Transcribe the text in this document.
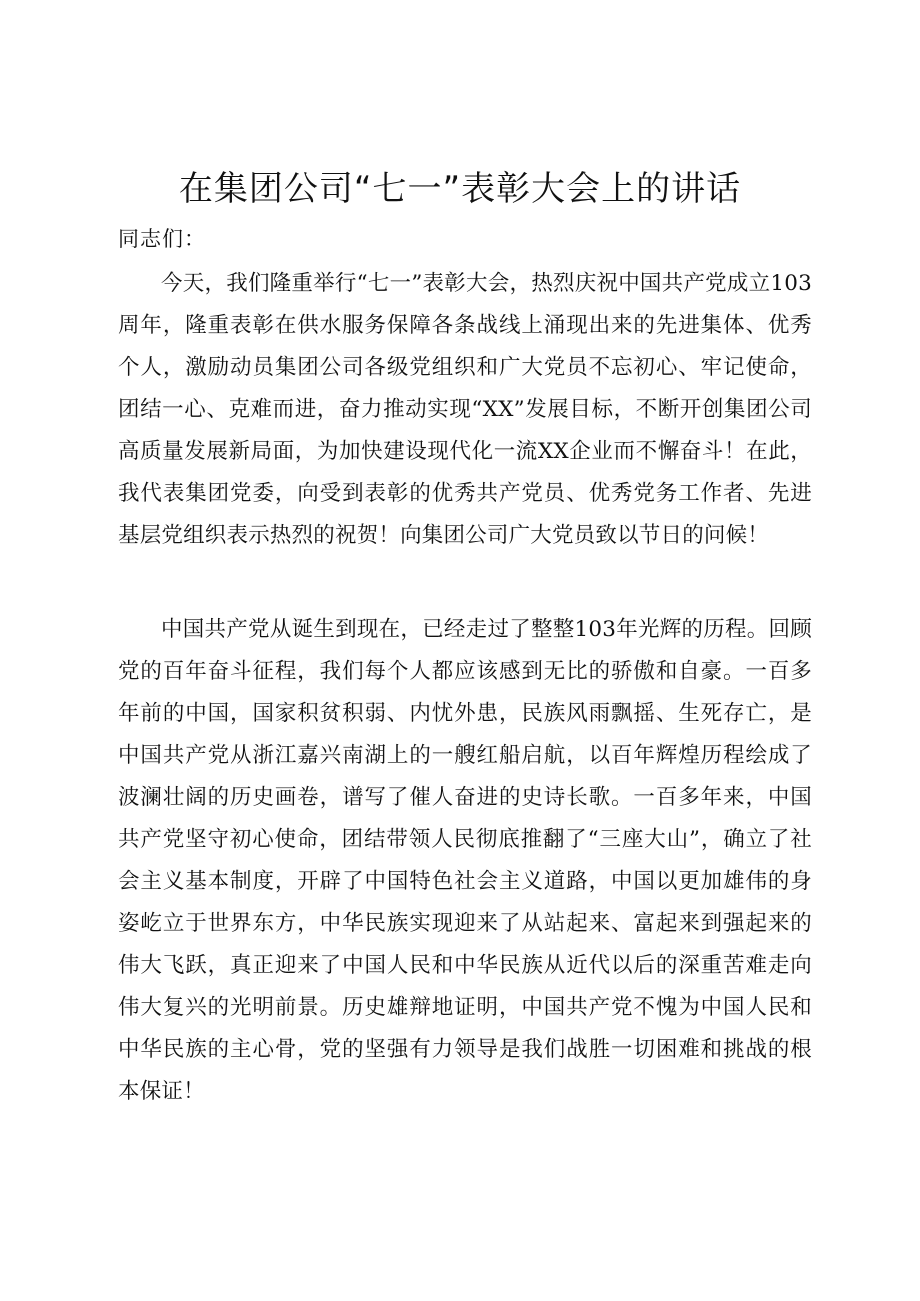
在集团公司“七一”表彰大会上的讲话
同志们：

今天，我们隆重举行“七一”表彰大会，热烈庆祝中国共产党成立103周年，隆重表彰在供水服务保障各条战线上涌现出来的先进集体、优秀个人，激励动员集团公司各级党组织和广大党员不忘初心、牢记使命，团结一心、克难而进，奋力推动实现“XX”发展目标，不断开创集团公司高质量发展新局面，为加快建设现代化一流XX企业而不懈奋斗！在此，我代表集团党委，向受到表彰的优秀共产党员、优秀党务工作者、先进基层党组织表示热烈的祝贺！向集团公司广大党员致以节日的问候！

中国共产党从诞生到现在，已经走过了整整103年光辉的历程。回顾党的百年奋斗征程，我们每个人都应该感到无比的骄傲和自豪。一百多年前的中国，国家积贫积弱、内忧外患，民族风雨飘摇、生死存亡，是中国共产党从浙江嘉兴南湖上的一艘红船启航，以百年辉煌历程绘成了波澜壮阔的历史画卷，谱写了催人奋进的史诗长歌。一百多年来，中国共产党坚守初心使命，团结带领人民彻底推翻了“三座大山”，确立了社会主义基本制度，开辟了中国特色社会主义道路，中国以更加雄伟的身姿屹立于世界东方，中华民族实现迎来了从站起来、富起来到强起来的伟大飞跃，真正迎来了中国人民和中华民族从近代以后的深重苦难走向伟大复兴的光明前景。历史雄辩地证明，中国共产党不愧为中国人民和中华民族的主心骨，党的坚强有力领导是我们战胜一切困难和挑战的根本保证！
